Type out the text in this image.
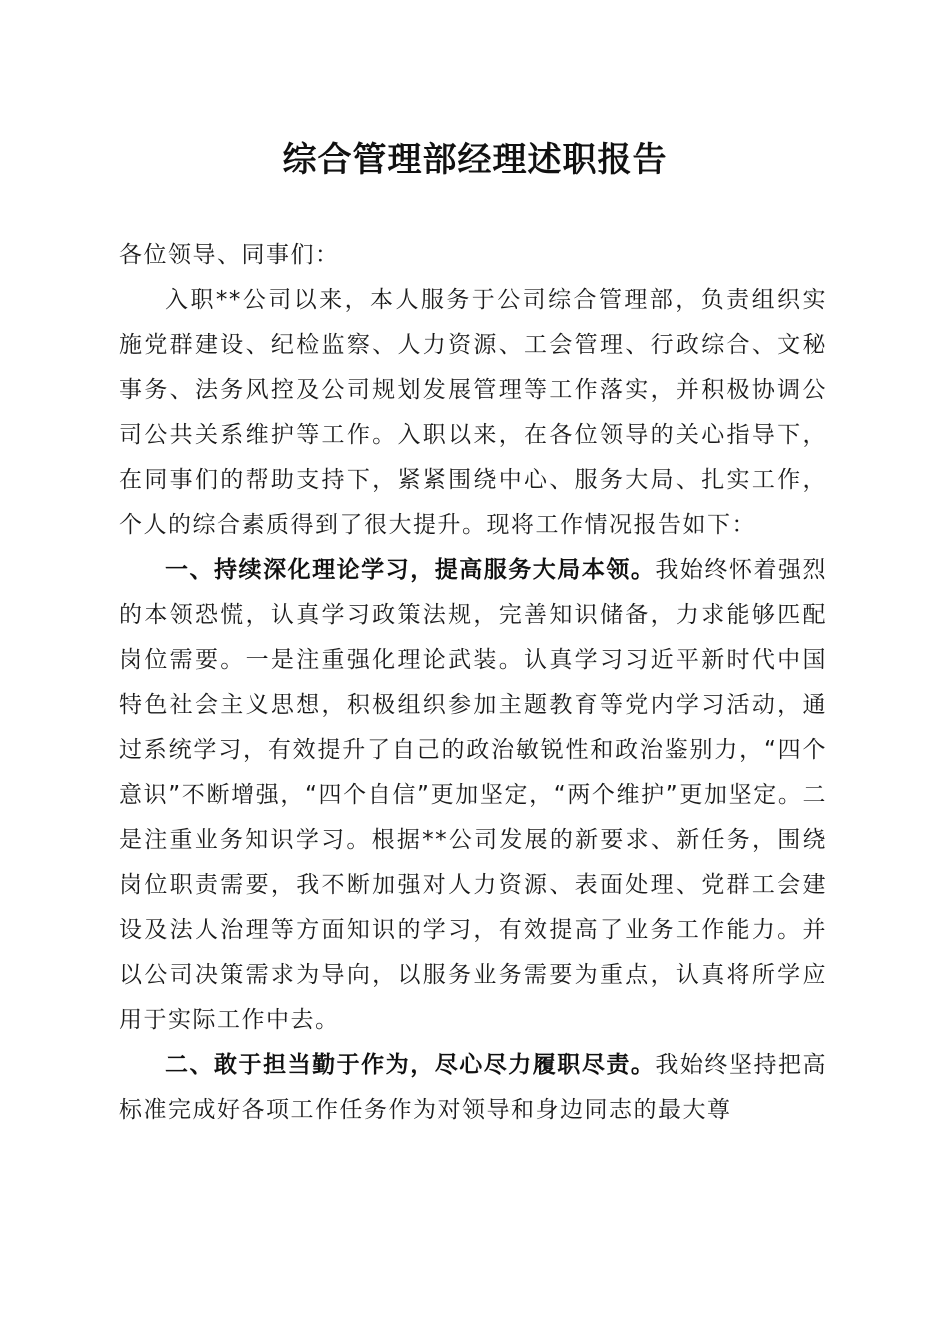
综合管理部经理述职报告

各位领导、同事们：

入职**公司以来，本人服务于公司综合管理部，负责组织实施党群建设、纪检监察、人力资源、工会管理、行政综合、文秘事务、法务风控及公司规划发展管理等工作落实，并积极协调公司公共关系维护等工作。入职以来，在各位领导的关心指导下，在同事们的帮助支持下，紧紧围绕中心、服务大局、扎实工作，个人的综合素质得到了很大提升。现将工作情况报告如下：

一、持续深化理论学习，提高服务大局本领。我始终怀着强烈的本领恐慌，认真学习政策法规，完善知识储备，力求能够匹配岗位需要。一是注重强化理论武装。认真学习习近平新时代中国特色社会主义思想，积极组织参加主题教育等党内学习活动，通过系统学习，有效提升了自己的政治敏锐性和政治鉴别力，“四个意识”不断增强，“四个自信”更加坚定，“两个维护”更加坚定。二是注重业务知识学习。根据**公司发展的新要求、新任务，围绕岗位职责需要，我不断加强对人力资源、表面处理、党群工会建设及法人治理等方面知识的学习，有效提高了业务工作能力。并以公司决策需求为导向，以服务业务需要为重点，认真将所学应用于实际工作中去。

二、敢于担当勤于作为，尽心尽力履职尽责。我始终坚持把高标准完成好各项工作任务作为对领导和身边同志的最大尊
